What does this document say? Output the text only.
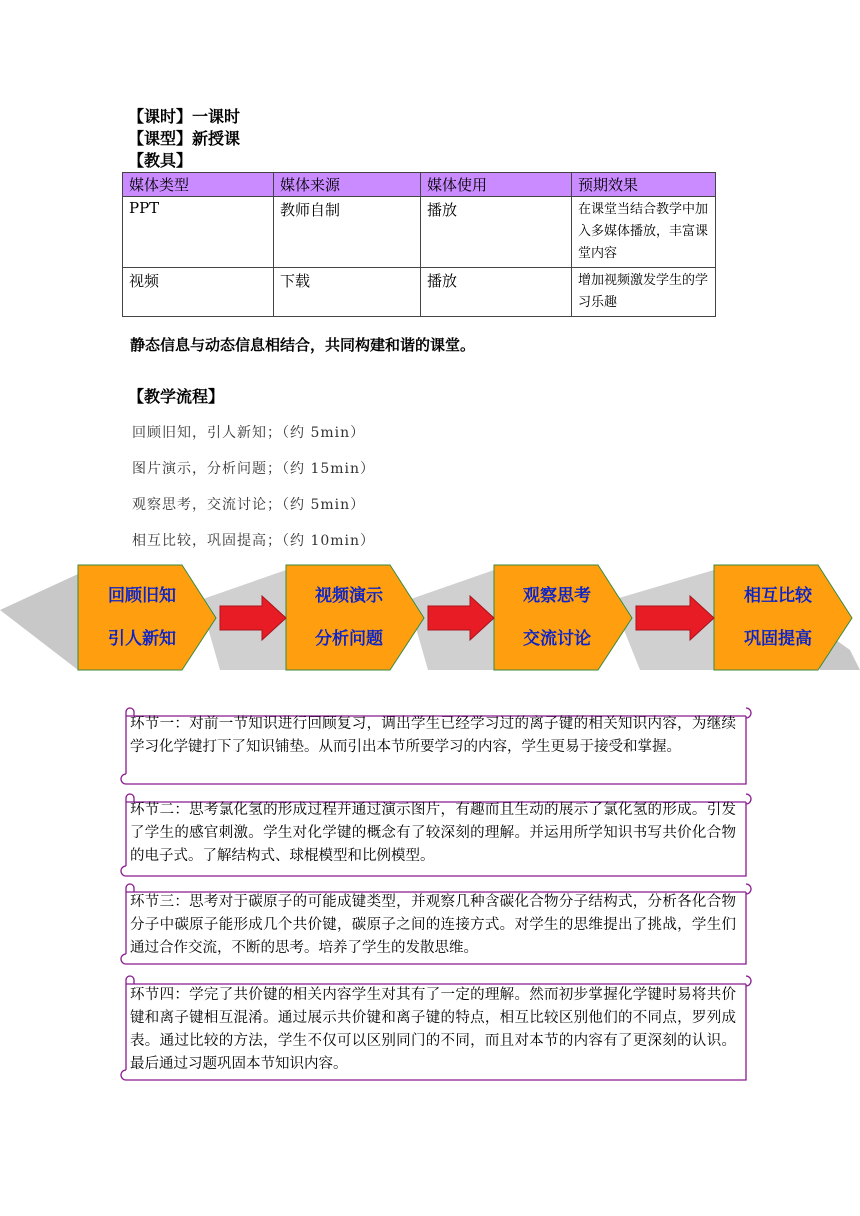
【课时】一课时
【课型】新授课
【教具】
媒体类型	媒体来源	媒体使用	预期效果
PPT	教师自制	播放	在课堂当结合教学中加入多媒体播放，丰富课堂内容
视频	下载	播放	增加视频激发学生的学习乐趣
静态信息与动态信息相结合，共同构建和谐的课堂。
【教学流程】
回顾旧知，引人新知；（约 5min）
图片演示，分析问题；（约 15min）
观察思考，交流讨论；（约 5min）
相互比较，巩固提高；（约 10min）
回顾旧知
引人新知
视频演示
分析问题
观察思考
交流讨论
相互比较
巩固提高
环节一：对前一节知识进行回顾复习，调出学生已经学习过的离子键的相关知识内容，为继续学习化学键打下了知识铺垫。从而引出本节所要学习的内容，学生更易于接受和掌握。
环节二：思考氯化氢的形成过程并通过演示图片，有趣而且生动的展示了氯化氢的形成。引发了学生的感官刺激。学生对化学键的概念有了较深刻的理解。并运用所学知识书写共价化合物的电子式。了解结构式、球棍模型和比例模型。
环节三：思考对于碳原子的可能成键类型，并观察几种含碳化合物分子结构式，分析各化合物分子中碳原子能形成几个共价键，碳原子之间的连接方式。对学生的思维提出了挑战，学生们通过合作交流，不断的思考。培养了学生的发散思维。
环节四：学完了共价键的相关内容学生对其有了一定的理解。然而初步掌握化学键时易将共价键和离子键相互混淆。通过展示共价键和离子键的特点，相互比较区别他们的不同点，罗列成表。通过比较的方法，学生不仅可以区别同门的不同，而且对本节的内容有了更深刻的认识。最后通过习题巩固本节知识内容。
